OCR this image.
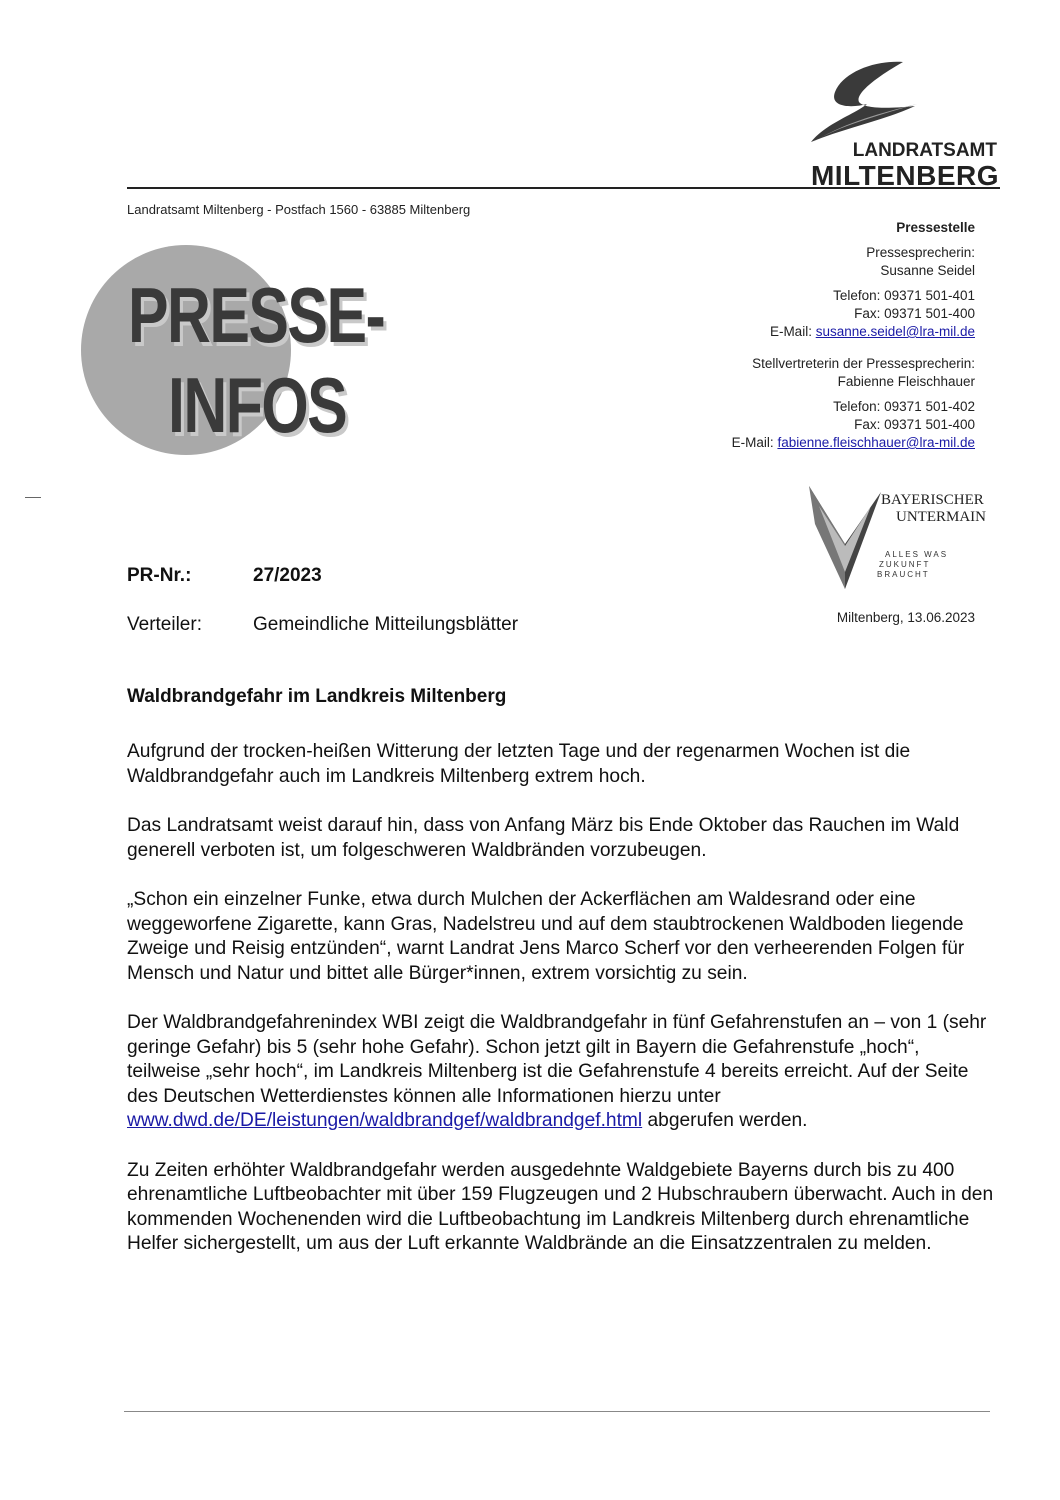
LANDRATSAMT
MILTENBERG
Landratsamt Miltenberg - Postfach 1560 - 63885 Miltenberg
Pressestelle
Pressesprecherin:
Susanne Seidel
Telefon: 09371 501-401
Fax: 09371 501-400
E-Mail: susanne.seidel@lra-mil.de
Stellvertreterin der Pressesprecherin:
Fabienne Fleischhauer
Telefon: 09371 501-402
Fax: 09371 501-400
E-Mail: fabienne.fleischhauer@lra-mil.de
PRESSE-
INFOS
BAYERISCHER
UNTERMAIN
ALLES WAS
ZUKUNFT
BRAUCHT
PR-Nr.:	27/2023
Verteiler:	Gemeindliche Mitteilungsblätter	Miltenberg, 13.06.2023
Waldbrandgefahr im Landkreis Miltenberg

Aufgrund der trocken-heißen Witterung der letzten Tage und der regenarmen Wochen ist die Waldbrandgefahr auch im Landkreis Miltenberg extrem hoch.

Das Landratsamt weist darauf hin, dass von Anfang März bis Ende Oktober das Rauchen im Wald generell verboten ist, um folgeschweren Waldbränden vorzubeugen.

„Schon ein einzelner Funke, etwa durch Mulchen der Ackerflächen am Waldesrand oder eine weggeworfene Zigarette, kann Gras, Nadelstreu und auf dem staubtrockenen Waldboden liegende Zweige und Reisig entzünden“, warnt Landrat Jens Marco Scherf vor den verheerenden Folgen für Mensch und Natur und bittet alle Bürger*innen, extrem vorsichtig zu sein.

Der Waldbrandgefahrenindex WBI zeigt die Waldbrandgefahr in fünf Gefahrenstufen an – von 1 (sehr geringe Gefahr) bis 5 (sehr hohe Gefahr). Schon jetzt gilt in Bayern die Gefahrenstufe „hoch“, teilweise „sehr hoch“, im Landkreis Miltenberg ist die Gefahrenstufe 4 bereits erreicht. Auf der Seite des Deutschen Wetterdienstes können alle Informationen hierzu unter www.dwd.de/DE/leistungen/waldbrandgef/waldbrandgef.html abgerufen werden.

Zu Zeiten erhöhter Waldbrandgefahr werden ausgedehnte Waldgebiete Bayerns durch bis zu 400 ehrenamtliche Luftbeobachter mit über 159 Flugzeugen und 2 Hubschraubern überwacht. Auch in den kommenden Wochenenden wird die Luftbeobachtung im Landkreis Miltenberg durch ehrenamtliche Helfer sichergestellt, um aus der Luft erkannte Waldbrände an die Einsatzzentralen zu melden.
